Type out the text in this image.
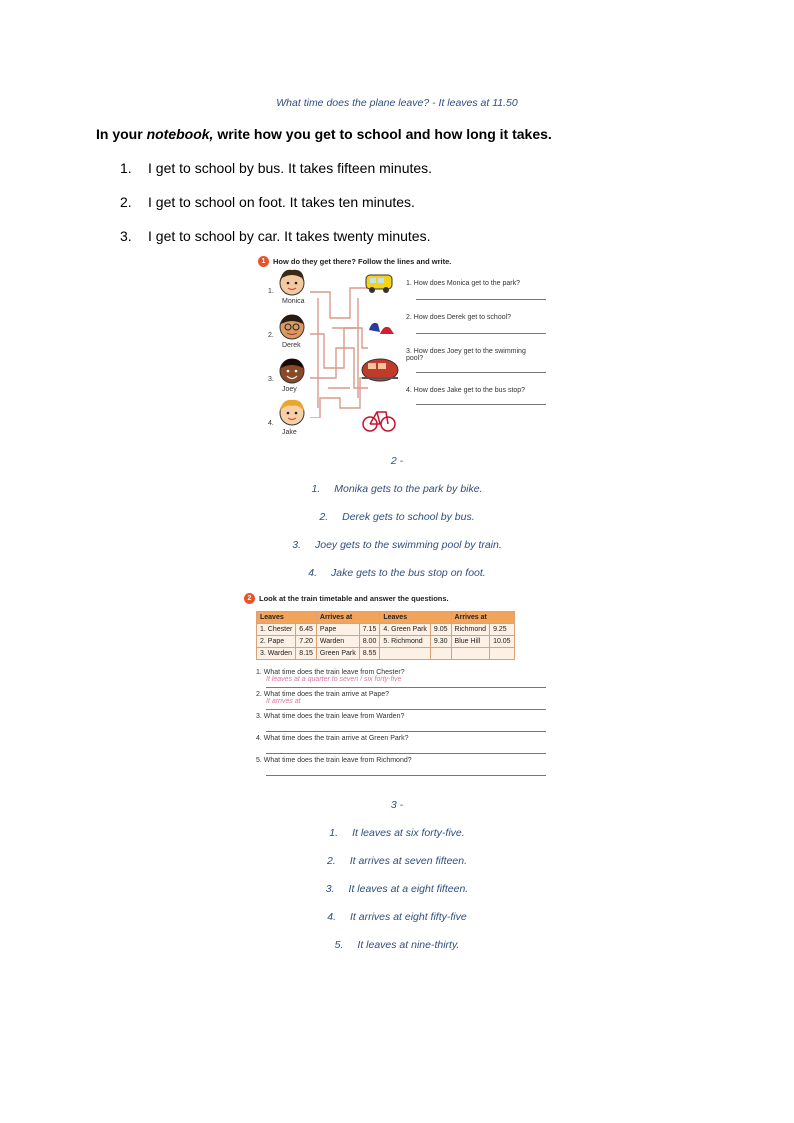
What time does the plane leave? - It leaves at 11.50
In your notebook, write how you get to school and how long it takes.
1.	I get to school by bus. It takes fifteen minutes.
2.	I get to school on foot. It takes ten minutes.
3.	I get to school by car. It takes twenty minutes.
1	How do they get there? Follow the lines and write.
1.
Monica
2.
Derek
3.
Joey
4.
Jake
1. How does Monica get to the park?
2. How does Derek get to school?
3. How does Joey get to the swimming pool?
4. How does Jake get to the bus stop?
2 -
1. Monika gets to the park by bike.
2. Derek gets to school by bus.
3. Joey gets to the swimming pool by train.
4. Jake gets to the bus stop on foot.
2	Look at the train timetable and answer the questions.
Leaves		Arrives at		Leaves		Arrives at	
1. Chester	6.45	Pape	7.15	4. Green Park	9.05	Richmond	9.25
2. Pape	7.20	Warden	8.00	5. Richmond	9.30	Blue Hill	10.05
3. Warden	8.15	Green Park	8.55				
1. What time does the train leave from Chester?
It leaves at a quarter to seven / six forty-five
2. What time does the train arrive at Pape?
It arrives at
3. What time does the train leave from Warden?
4. What time does the train arrive at Green Park?
5. What time does the train leave from Richmond?
3 -
1. It leaves at six forty-five.
2. It arrives at seven fifteen.
3. It leaves at a eight fifteen.
4. It arrives at eight fifty-five
5. It leaves at nine-thirty.
